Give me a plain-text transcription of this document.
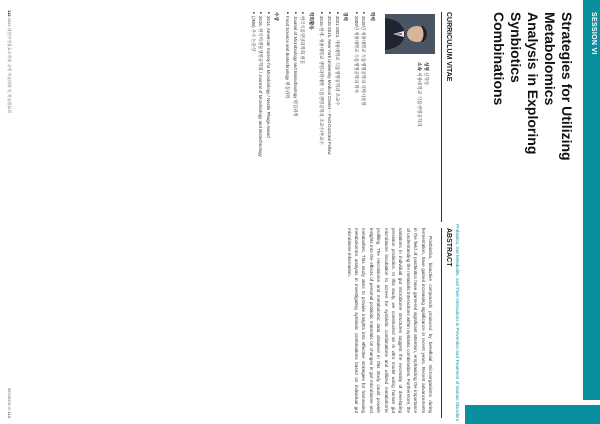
SESSION VI
Probiotics, Gut Metabolite, and Their Interactions in Prevention and Treatment of Various Disorders
Strategies for Utilizing Metabolomics
Analysis in Exploring Synbiotics
Combinations
CURRICULUM VITAE
ABSTRACT
성명 신학동
소속 세종대학교 식품생명공학과
학력
■ 2015년 세종대학교 식품생명공학과 석박사통합
■ 2009년 세종대학교 식품생명공학과 학사
경력
■ 2021-2024. 세종대학교 식품생명공학과 조교수
■ 2015-2016. New York University Medical Center – Post-Doctoral Fellow
■ 2016-현재. 세종대학교 생명과학대학 식품생명공학과 조교수/부교수
학회활동
■ 한국식품영양과학회 편집
■ Journal of Microbiology and Biotechnology 편집위원
■ Food Science and Biotechnology 편집위원
수상
■ 2014. American Society for Microbiology / Nestle Phage Award
■ 2016. 한국미생물생명공학회 / Journal of Microbiology and Biotechnology
■ (JMB) 우수 논문상

Postbiotics, bioactive compounds produced by beneficial microorganisms during fermentation, have gained increasing significance in recent years. Recent advancements in the field of postbiotics have garnered significant attention, emphasizing the importance of understanding the metabolic interactions within synbiotic combinations. Furthermore, the variations in individual gut microbiome structures suggest the necessity of developing precision probiotics. In this study, we constructed an in vitro model using human gut microbiome incubation to screen for synbiotic combinations and utilized metabolomic profiling. The microbiome and metabolomic data obtained in this study could provide insights into the effects of personal probiotic materials on changes in gut microbiome and metabolites. This study aims to provide insights into effective strategies for harnessing metabolomics analysis in investigating synbiotic combinations based on individual gut microbiome information.

112 2023 대한미생물효소학회 국제 학술대회 및 학술발표회
SESSION VI 113
